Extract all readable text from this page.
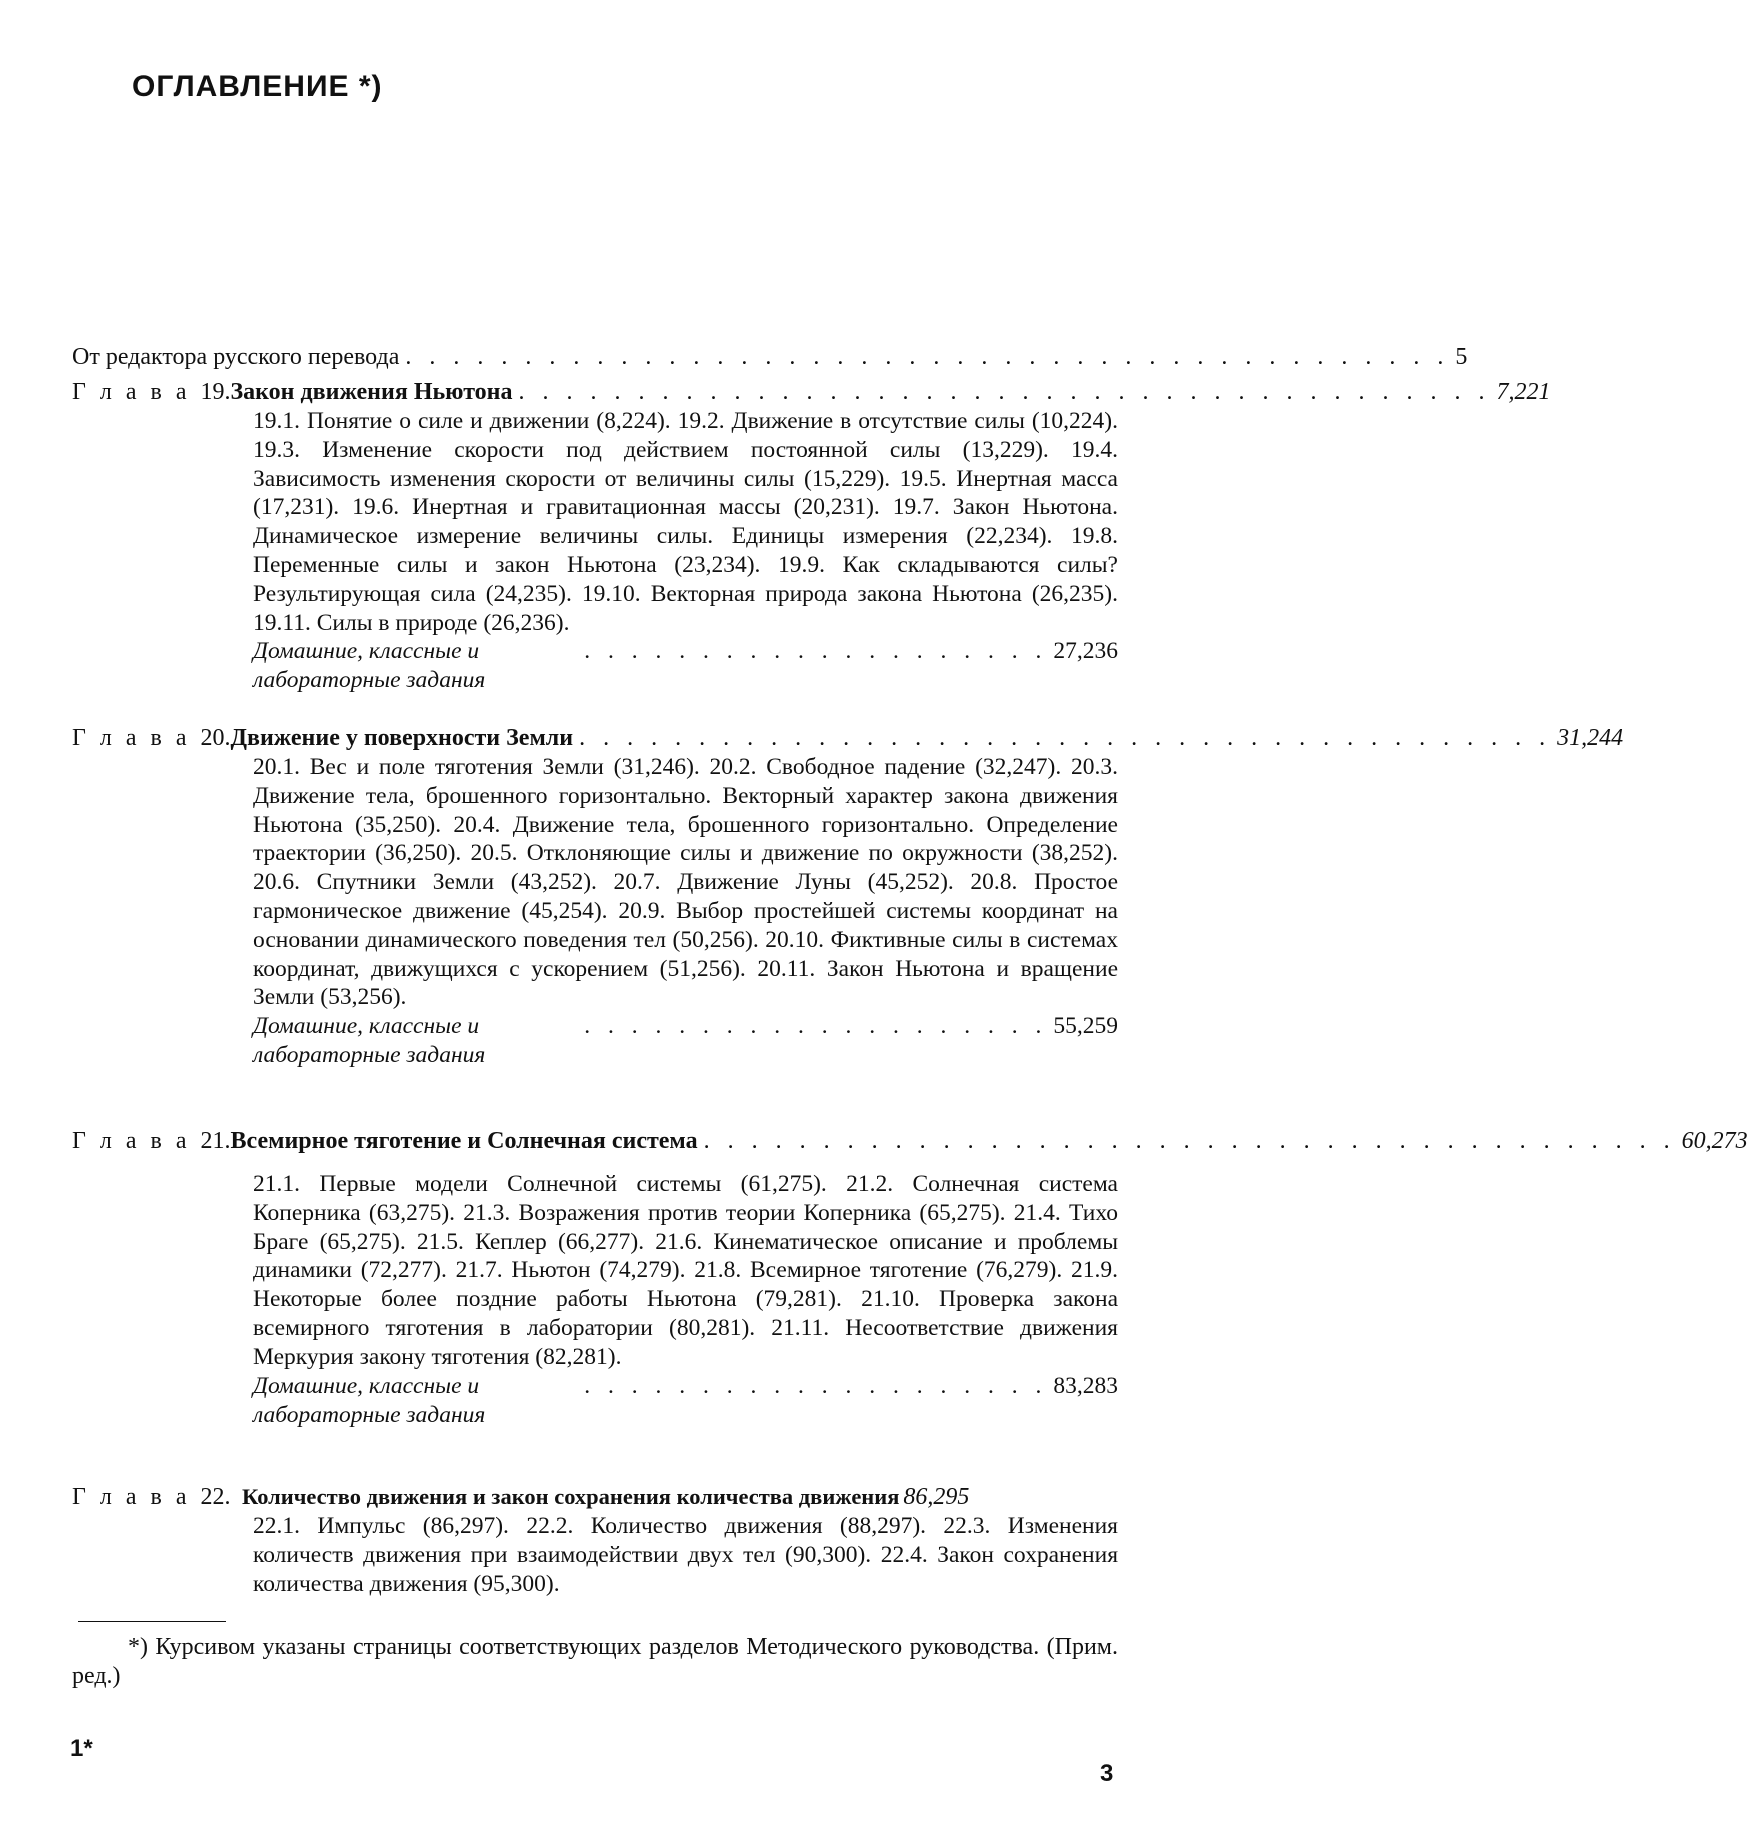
ОГЛАВЛЕНИЕ *)
От редактора русского перевода . . . . . . . . . . . . . . . . . . . . . . . . . . . . . . . . . . . . . . . . . . . . 5
Г л а в а 19. Закон движения Ньютона . . . . . . . . . . . . . . . . . . . . . . . . . . . . . . . . . . . . . . . . . 7,221
19.1. Понятие о силе и движении (8,224). 19.2. Движение в отсутствие силы (10,224). 19.3. Изменение скорости под действием постоянной силы (13,229). 19.4. Зависимость изменения скорости от величины силы (15,229). 19.5. Инертная масса (17,231). 19.6. Инертная и гравитационная массы (20,231). 19.7. Закон Ньютона. Динамическое измерение величины силы. Единицы измерения (22,234). 19.8. Переменные силы и закон Ньютона (23,234). 19.9. Как складываются силы? Результирующая сила (24,235). 19.10. Векторная природа закона Ньютона (26,235). 19.11. Силы в природе (26,236).
Домашние, классные и лабораторные задания
. . . . . . . . . . . . . . . . . . . . 27,236
Г л а в а 20. Движение у поверхности Земли . . . . . . . . . . . . . . . . . . . . . . . . . . . . . . . . . . . . . . . . . 31,244
20.1. Вес и поле тяготения Земли (31,246). 20.2. Свободное падение (32,247). 20.3. Движение тела, брошенного горизонтально. Векторный характер закона движения Ньютона (35,250). 20.4. Движение тела, брошенного горизонтально. Определение траектории (36,250). 20.5. Отклоняющие силы и движение по окружности (38,252). 20.6. Спутники Земли (43,252). 20.7. Движение Луны (45,252). 20.8. Простое гармоническое движение (45,254). 20.9. Выбор простейшей системы координат на основании динамического поведения тел (50,256). 20.10. Фиктивные силы в системах координат, движущихся с ускорением (51,256). 20.11. Закон Ньютона и вращение Земли (53,256).
Домашние, классные и лабораторные задания
. . . . . . . . . . . . . . . . . . . . 55,259
Г л а в а 21. Всемирное тяготение и Солнечная система . . . . . . . . . . . . . . . . . . . . . . . . . . . . . . . . . . . . . . . . . 60,273
21.1. Первые модели Солнечной системы (61,275). 21.2. Солнечная система Коперника (63,275). 21.3. Возражения против теории Коперника (65,275). 21.4. Тихо Браге (65,275). 21.5. Кеплер (66,277). 21.6. Кинематическое описание и проблемы динамики (72,277). 21.7. Ньютон (74,279). 21.8. Всемирное тяготение (76,279). 21.9. Некоторые более поздние работы Ньютона (79,281). 21.10. Проверка закона всемирного тяготения в лаборатории (80,281). 21.11. Несоответствие движения Меркурия закону тяготения (82,281).
Домашние, классные и лабораторные задания
. . . . . . . . . . . . . . . . . . . . 83,283
Г л а в а 22. Количество движения и закон сохранения количества движения 86,295
22.1. Импульс (86,297). 22.2. Количество движения (88,297). 22.3. Изменения количеств движения при взаимодействии двух тел (90,300). 22.4. Закон сохранения количества движения (95,300).
*) Курсивом указаны страницы соответствующих разделов Методического руководства. (Прим. ред.)
1*
3
